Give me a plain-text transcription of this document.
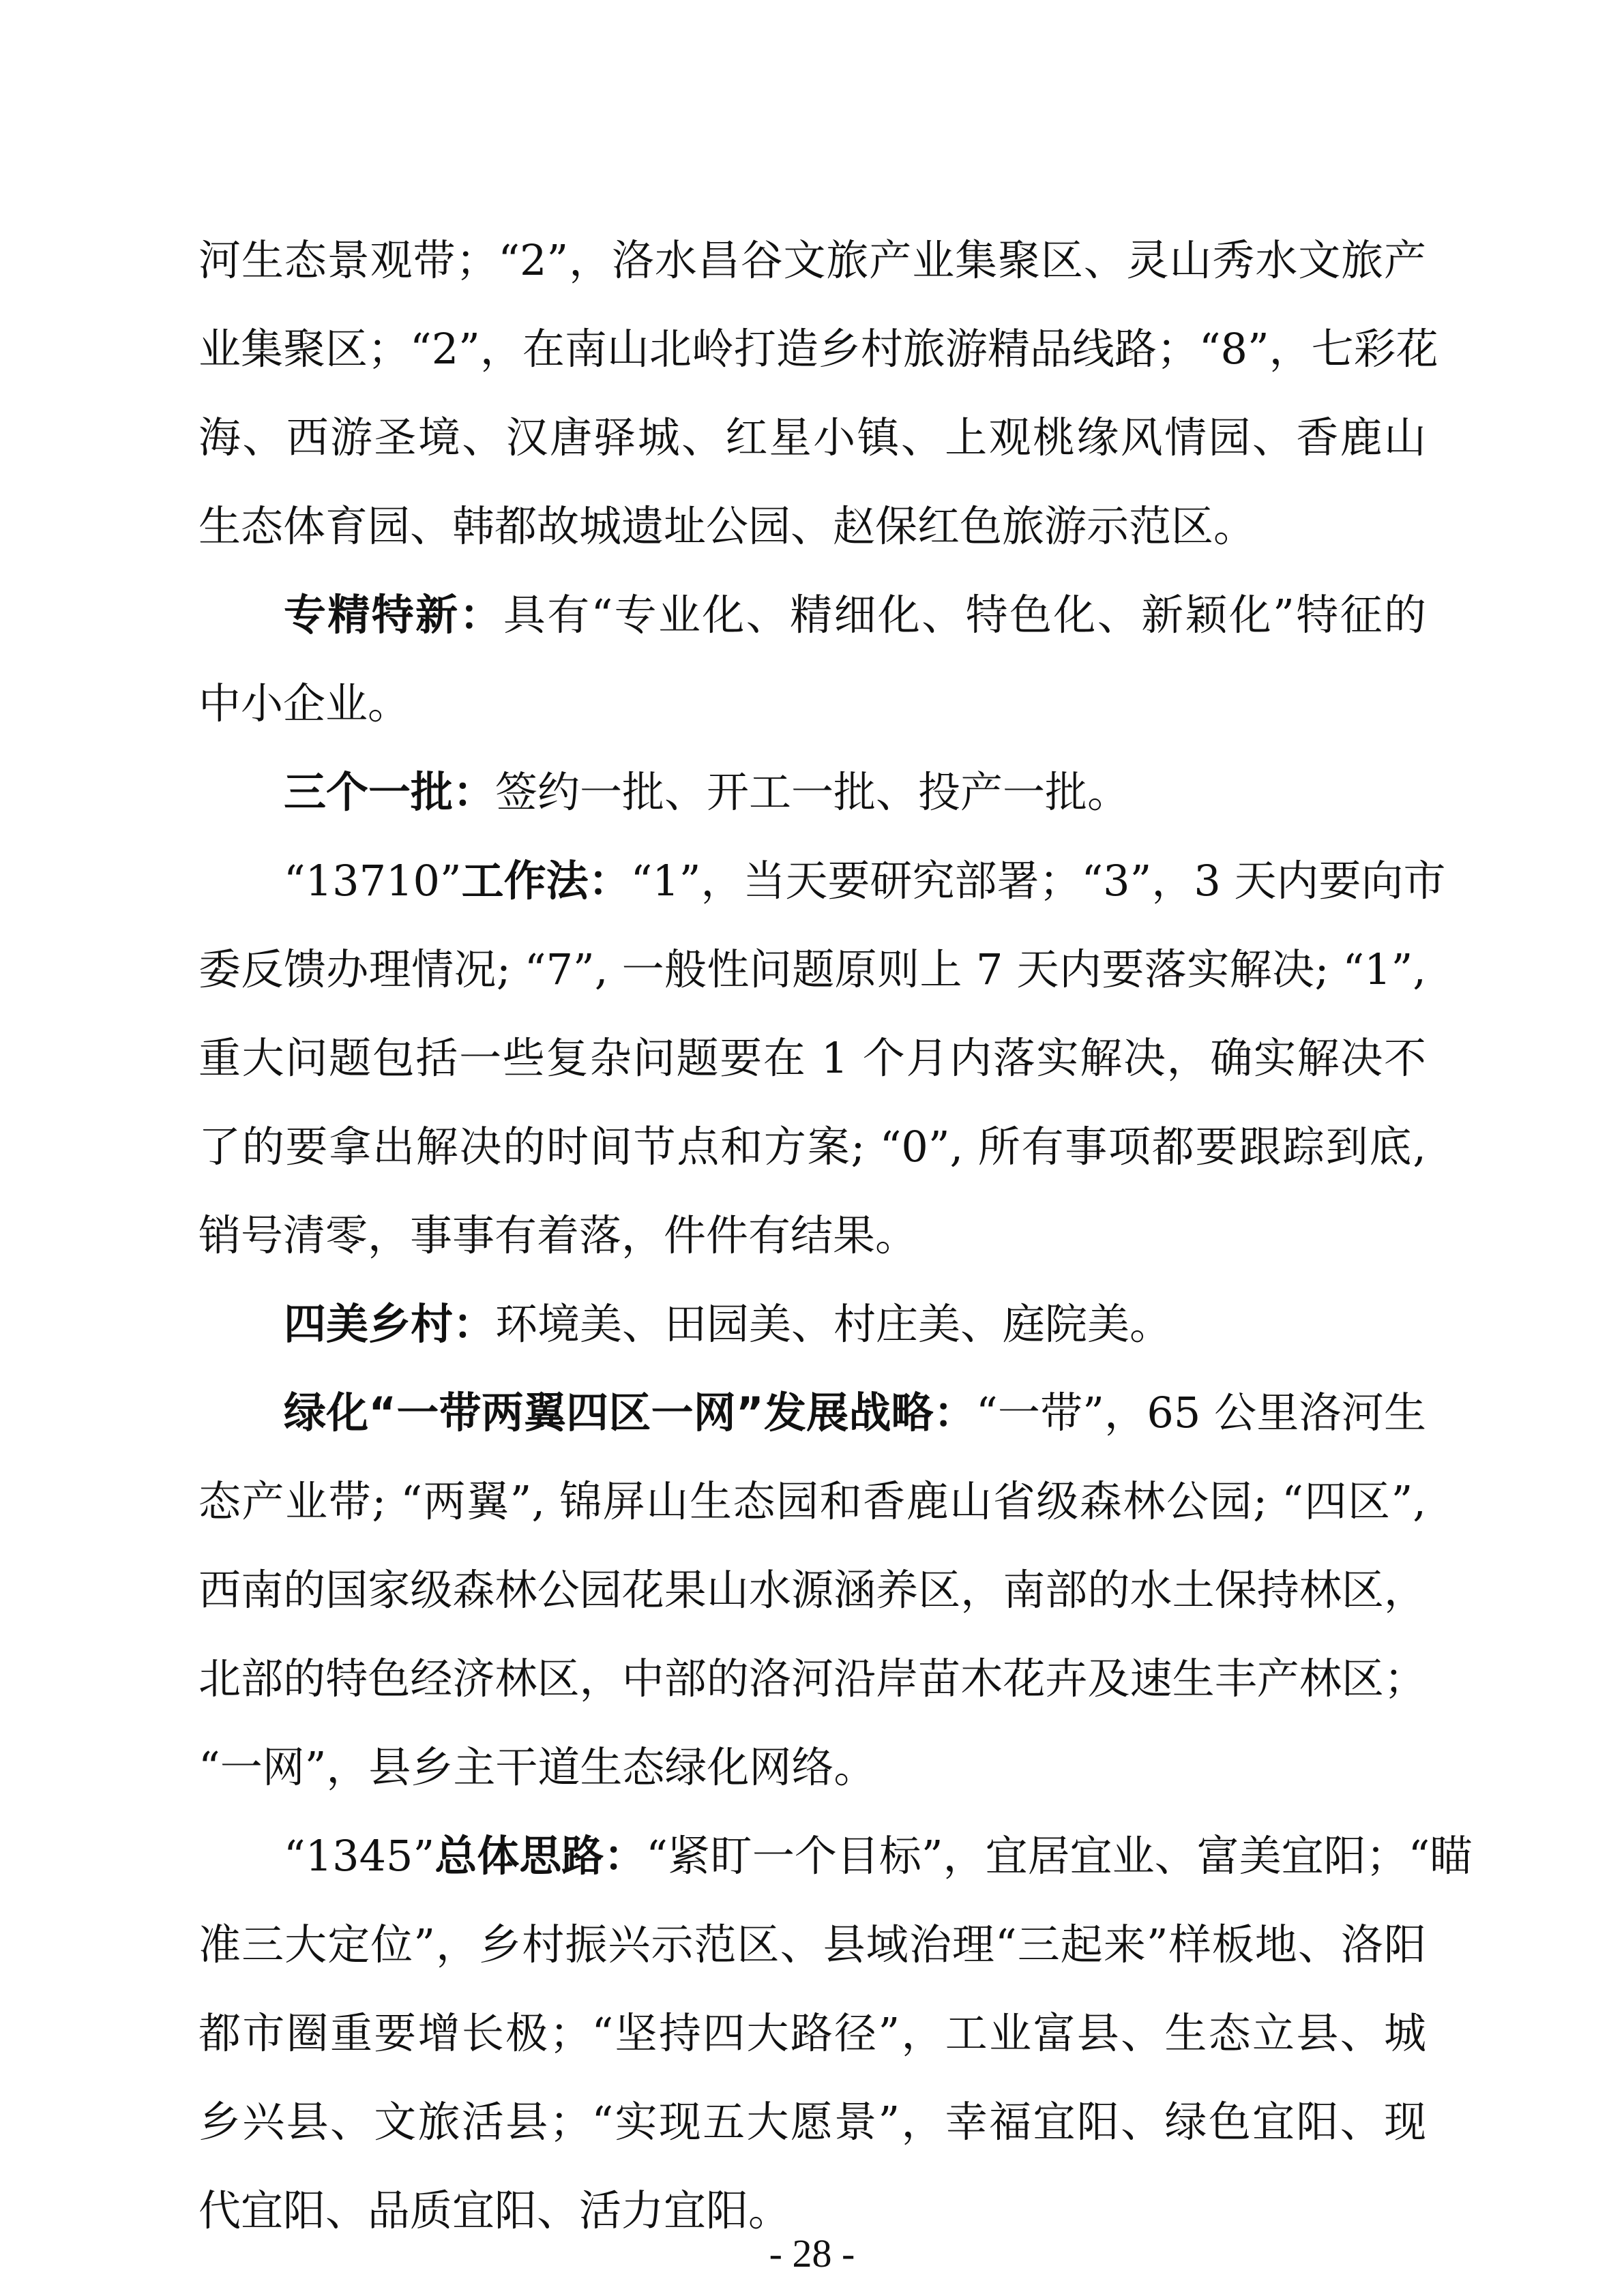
河生态景观带；“2”，洛水昌谷文旅产业集聚区、灵山秀水文旅产
业集聚区；“2”，在南山北岭打造乡村旅游精品线路；“8”，七彩花
海、西游圣境、汉唐驿城、红星小镇、上观桃缘风情园、香鹿山
生态体育园、韩都故城遗址公园、赵保红色旅游示范区。
专精特新：具有“专业化、精细化、特色化、新颖化”特征的
中小企业。
三个一批：签约一批、开工一批、投产一批。
“13710”工作法：“1”，当天要研究部署；“3”，3 天内要向市
委反馈办理情况; “7”, 一般性问题原则上 7 天内要落实解决; “1”,
重大问题包括一些复杂问题要在 1 个月内落实解决，确实解决不
了的要拿出解决的时间节点和方案; “0”, 所有事项都要跟踪到底,
销号清零，事事有着落，件件有结果。
四美乡村：环境美、田园美、村庄美、庭院美。
绿化“一带两翼四区一网”发展战略：“一带”，65 公里洛河生
态产业带; “两翼”, 锦屏山生态园和香鹿山省级森林公园; “四区”,
西南的国家级森林公园花果山水源涵养区，南部的水土保持林区，
北部的特色经济林区，中部的洛河沿岸苗木花卉及速生丰产林区；
“一网”，县乡主干道生态绿化网络。
“1345”总体思路：“紧盯一个目标”，宜居宜业、富美宜阳；“瞄
准三大定位”，乡村振兴示范区、县域治理“三起来”样板地、洛阳
都市圈重要增长极；“坚持四大路径”，工业富县、生态立县、城
乡兴县、文旅活县；“实现五大愿景”，幸福宜阳、绿色宜阳、现
代宜阳、品质宜阳、活力宜阳。
- 28 -
